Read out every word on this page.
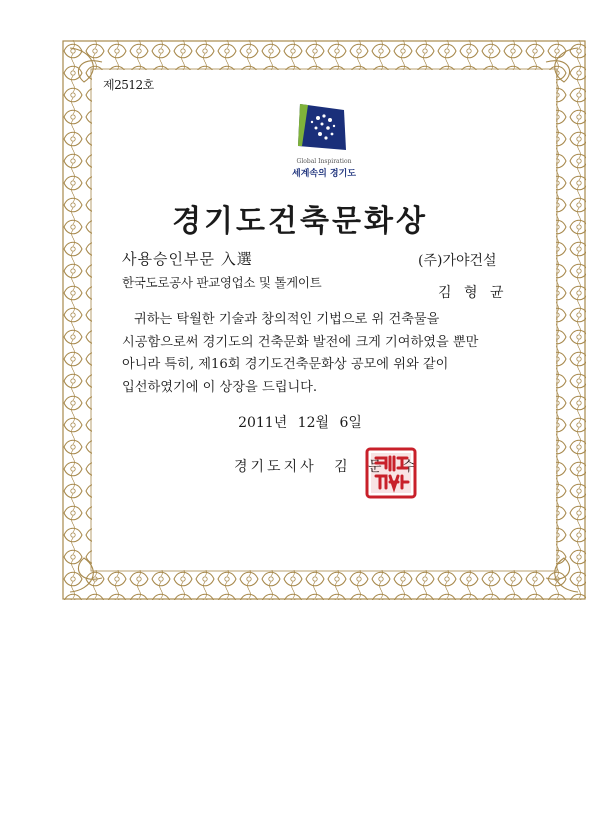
제2512호
Global Inspiration
세계속의 경기도
경기도건축문화상
사용승인부문 入選
한국도로공사 판교영업소 및 톨게이트
(주)가야건설
김 형 균
귀하는 탁월한 기술과 창의적인 기법으로 위 건축물을 시공함으로써 경기도의 건축문화 발전에 크게 기여하였을 뿐만 아니라 특히, 제16회 경기도건축문화상 공모에 위와 같이 입선하였기에 이 상장을 드립니다.
2011년 12월 6일
경기도지사 김 문 수
